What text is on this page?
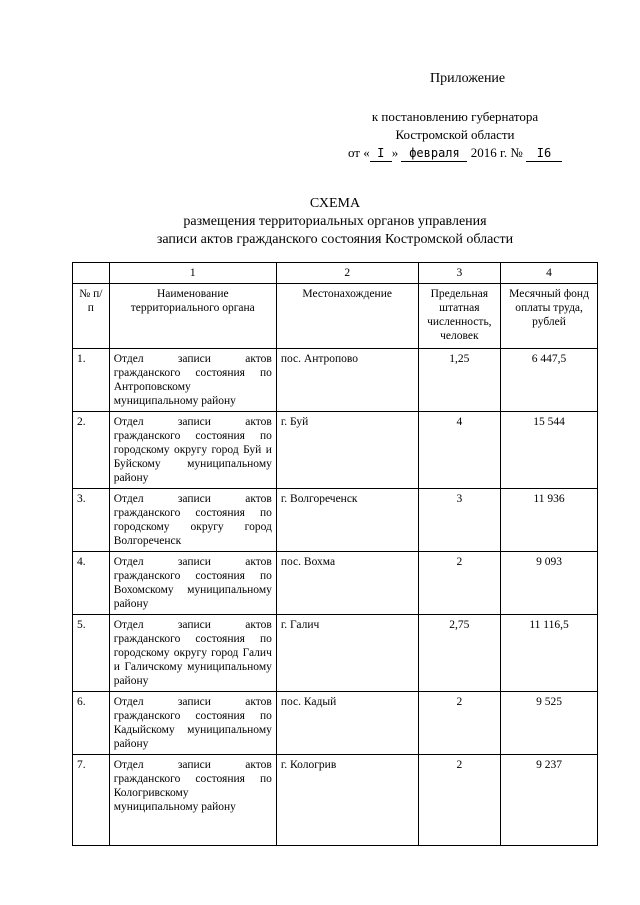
Приложение
к постановлению губернатора
Костромской области
от « I » февраля 2016 г. № I6
СХЕМА
размещения территориальных органов управления
записи актов гражданского состояния Костромской области
	1	2	3	4
№ п/п	Наименование территориального органа	Местонахождение	Предельная штатная численность, человек	Месячный фонд оплаты труда, рублей
1.	Отдел записи актов гражданского состояния по Антроповскому муниципальному району	пос. Антропово	1,25	6 447,5
2.	Отдел записи актов гражданского состояния по городскому округу город Буй и Буйскому муниципальному району	г. Буй	4	15 544
3.	Отдел записи актов гражданского состояния по городскому округу город Волгореченск	г. Волгореченск	3	11 936
4.	Отдел записи актов гражданского состояния по Вохомскому муниципальному району	пос. Вохма	2	9 093
5.	Отдел записи актов гражданского состояния по городскому округу город Галич и Галичскому муниципальному району	г. Галич	2,75	11 116,5
6.	Отдел записи актов гражданского состояния по Кадыйскому муниципальному району	пос. Кадый	2	9 525
7.	Отдел записи актов гражданского состояния по Кологривскому муниципальному району	г. Кологрив	2	9 237
